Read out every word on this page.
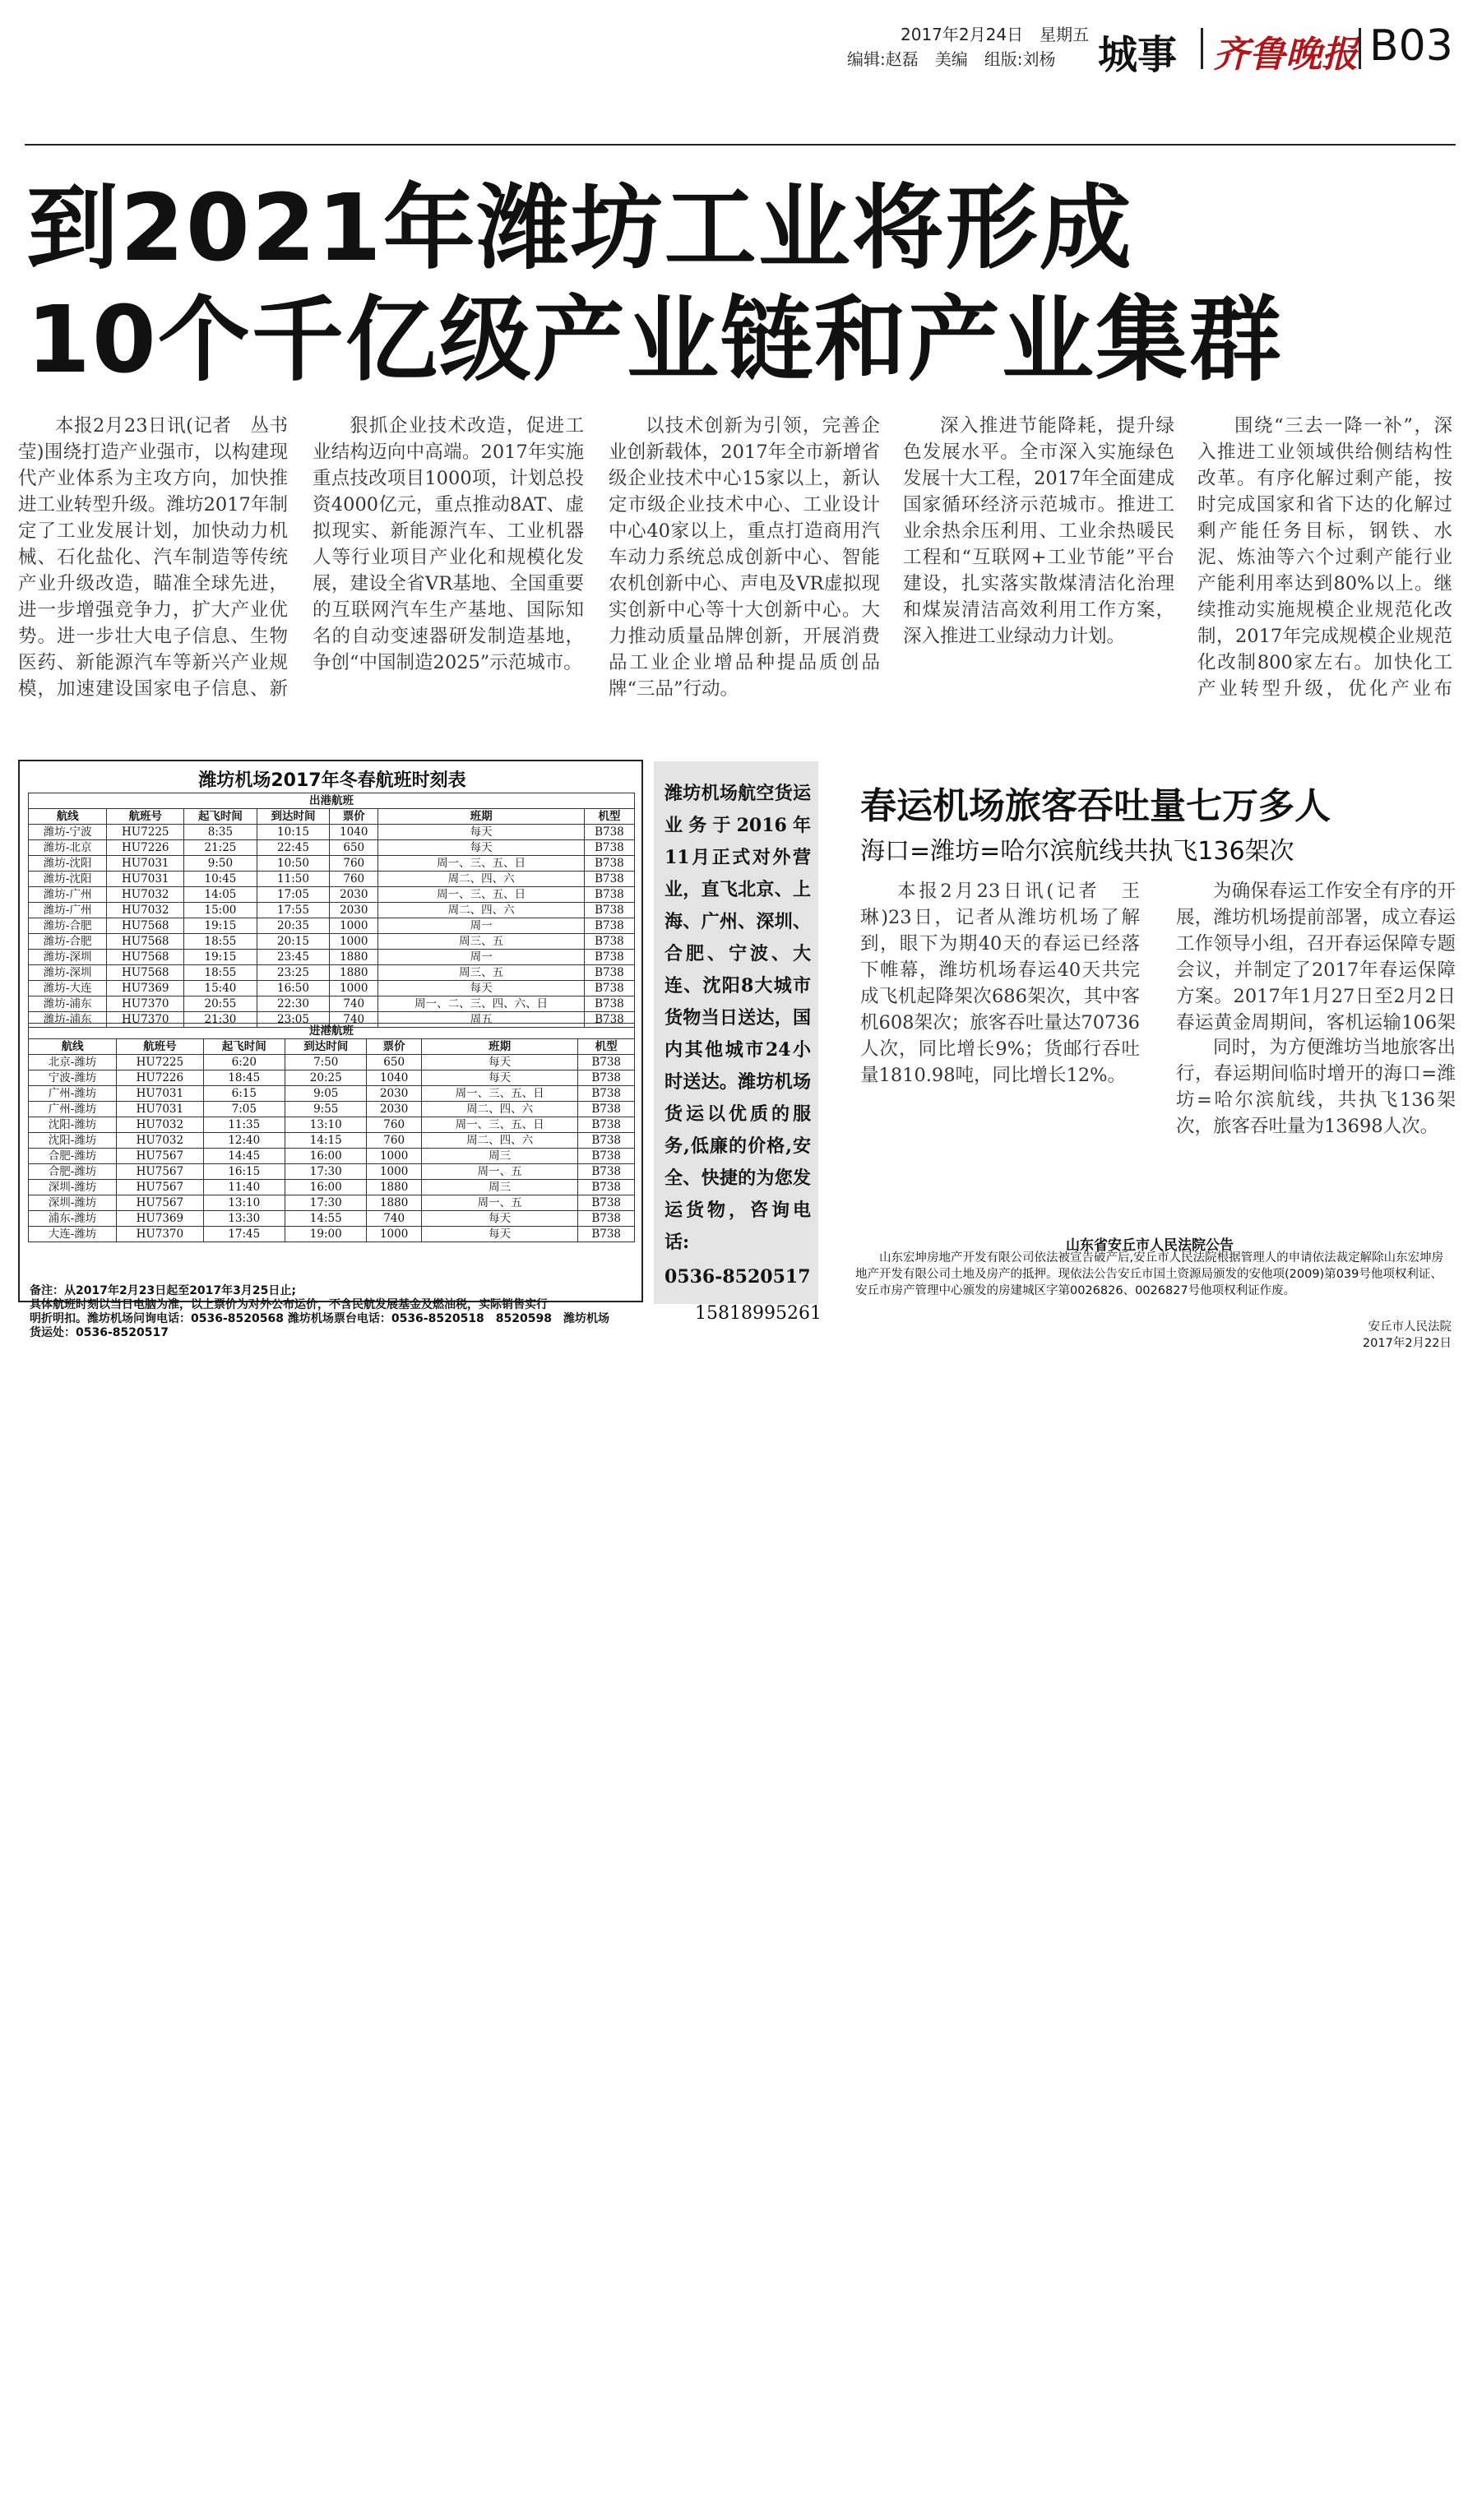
2017年2月24日　星期五
编辑:赵磊　美编　组版:刘杨 城事 齐鲁晚报 B03
到2021年潍坊工业将形成
10个千亿级产业链和产业集群

本报2月23日讯(记者　丛书莹)围绕打造产业强市，以构建现代产业体系为主攻方向，加快推进工业转型升级。潍坊2017年制定了工业发展计划，加快动力机械、石化盐化、汽车制造等传统产业升级改造，瞄准全球先进，进一步增强竞争力，扩大产业优势。进一步壮大电子信息、生物医药、新能源汽车等新兴产业规模，加速建设国家电子信息、新

狠抓企业技术改造，促进工业结构迈向中高端。2017年实施重点技改项目1000项，计划总投资4000亿元，重点推动8AT、虚拟现实、新能源汽车、工业机器人等行业项目产业化和规模化发展，建设全省VR基地、全国重要的互联网汽车生产基地、国际知名的自动变速器研发制造基地，争创“中国制造2025”示范城市。

以技术创新为引领，完善企业创新载体，2017年全市新增省级企业技术中心15家以上，新认定市级企业技术中心、工业设计中心40家以上，重点打造商用汽车动力系统总成创新中心、智能农机创新中心、声电及VR虚拟现实创新中心等十大创新中心。大力推动质量品牌创新，开展消费品工业企业增品种提品质创品牌“三品”行动。

深入推进节能降耗，提升绿色发展水平。全市深入实施绿色发展十大工程，2017年全面建成国家循环经济示范城市。推进工业余热余压利用、工业余热暖民工程和“互联网+工业节能”平台建设，扎实落实散煤清洁化治理和煤炭清洁高效利用工作方案，深入推进工业绿动力计划。

围绕“三去一降一补”，深入推进工业领域供给侧结构性改革。有序化解过剩产能，按时完成国家和省下达的化解过剩产能任务目标，钢铁、水泥、炼油等六个过剩产能行业产能利用率达到80%以上。继续推动实施规模企业规范化改制，2017年完成规模企业规范化改制800家左右。加快化工产业转型升级，优化产业布

潍坊机场2017年冬春航班时刻表
出港航班						
航线	航班号	起飞时间	到达时间	票价	班期	机型
潍坊-宁波	HU7225	8:35	10:15	1040	每天	B738
潍坊-北京	HU7226	21:25	22:45	650	每天	B738
潍坊-沈阳	HU7031	9:50	10:50	760	周一、三、五、日	B738
潍坊-沈阳	HU7031	10:45	11:50	760	周二、四、六	B738
潍坊-广州	HU7032	14:05	17:05	2030	周一、三、五、日	B738
潍坊-广州	HU7032	15:00	17:55	2030	周二、四、六	B738
潍坊-合肥	HU7568	19:15	20:35	1000	周一	B738
潍坊-合肥	HU7568	18:55	20:15	1000	周三、五	B738
潍坊-深圳	HU7568	19:15	23:45	1880	周一	B738
潍坊-深圳	HU7568	18:55	23:25	1880	周三、五	B738
潍坊-大连	HU7369	15:40	16:50	1000	每天	B738
潍坊-浦东	HU7370	20:55	22:30	740	周一、二、三、四、六、日	B738
潍坊-浦东	HU7370	21:30	23:05	740	周五	B738
进港航班						
航线	航班号	起飞时间	到达时间	票价	班期	机型
北京-潍坊	HU7225	6:20	7:50	650	每天	B738
宁波-潍坊	HU7226	18:45	20:25	1040	每天	B738
广州-潍坊	HU7031	6:15	9:05	2030	周一、三、五、日	B738
广州-潍坊	HU7031	7:05	9:55	2030	周二、四、六	B738
沈阳-潍坊	HU7032	11:35	13:10	760	周一、三、五、日	B738
沈阳-潍坊	HU7032	12:40	14:15	760	周二、四、六	B738
合肥-潍坊	HU7567	14:45	16:00	1000	周三	B738
合肥-潍坊	HU7567	16:15	17:30	1000	周一、五	B738
深圳-潍坊	HU7567	11:40	16:00	1880	周三	B738
深圳-潍坊	HU7567	13:10	17:30	1880	周一、五	B738
浦东-潍坊	HU7369	13:30	14:55	740	每天	B738
大连-潍坊	HU7370	17:45	19:00	1000	每天	B738
备注：从2017年2月23日起至2017年3月25日止;
具体航班时刻以当日电脑为准，以上票价为对外公布运价，不含民航发展基金及燃油税，实际销售实行
明折明扣。潍坊机场问询电话：0536-8520568 潍坊机场票台电话：0536-8520518　8520598　潍坊机场
货运处：0536-8520517
潍坊机场航空货运业务于2016年11月正式对外营业，直飞北京、上海、广州、深圳、合肥、宁波、大连、沈阳8大城市货物当日送达，国内其他城市24小时送达。潍坊机场货运以优质的服务,低廉的价格,安全、快捷的为您发运货物，咨询电话:
0536-8520517
15818995261
春运机场旅客吞吐量七万多人
海口=潍坊=哈尔滨航线共执飞136架次

本报2月23日讯(记者　王琳)23日，记者从潍坊机场了解到，眼下为期40天的春运已经落下帷幕，潍坊机场春运40天共完成飞机起降架次686架次，其中客机608架次；旅客吞吐量达70736人次，同比增长9%；货邮行吞吐量1810.98吨，同比增长12%。

为确保春运工作安全有序的开展，潍坊机场提前部署，成立春运工作领导小组，召开春运保障专题会议，并制定了2017年春运保障方案。2017年1月27日至2月2日春运黄金周期间，客机运输106架

同时，为方便潍坊当地旅客出行，春运期间临时增开的海口=潍坊=哈尔滨航线，共执飞136架次，旅客吞吐量为13698人次。

山东省安丘市人民法院公告
山东宏坤房地产开发有限公司依法被宣告破产后,安丘市人民法院根据管理人的申请依法裁定解除山东宏坤房地产开发有限公司土地及房产的抵押。现依法公告安丘市国土资源局颁发的安他项(2009)第039号他项权利证、安丘市房产管理中心颁发的房建城区字第0026826、0026827号他项权利证作废。
安丘市人民法院
2017年2月22日
